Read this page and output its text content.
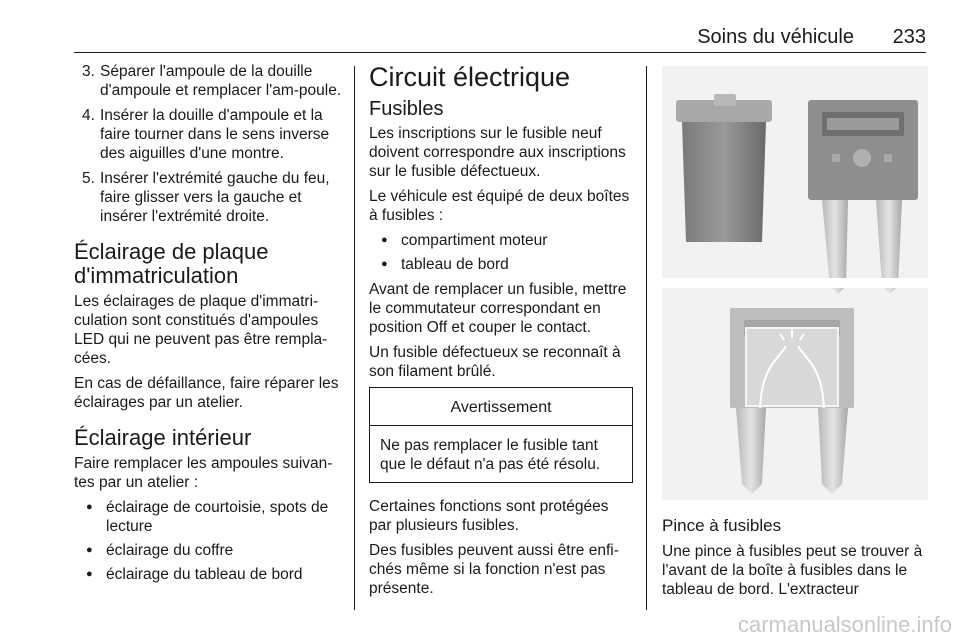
Soins du véhicule 233
3. Séparer l'ampoule de la douille d'ampoule et remplacer l'am-poule.
4. Insérer la douille d'ampoule et la faire tourner dans le sens inverse des aiguilles d'une montre.
5. Insérer l'extrémité gauche du feu, faire glisser vers la gauche et insérer l'extrémité droite.
Éclairage de plaque d'immatriculation

Les éclairages de plaque d'immatri-culation sont constitués d'ampoules LED qui ne peuvent pas être rempla-cées.

En cas de défaillance, faire réparer les éclairages par un atelier.

Éclairage intérieur

Faire remplacer les ampoules suivan-tes par un atelier :

● éclairage de courtoisie, spots de lecture
● éclairage du coffre
● éclairage du tableau de bord
Circuit électrique
Fusibles

Les inscriptions sur le fusible neuf doivent correspondre aux inscriptions sur le fusible défectueux.

Le véhicule est équipé de deux boîtes à fusibles :

● compartiment moteur
● tableau de bord

Avant de remplacer un fusible, mettre le commutateur correspondant en position Off et couper le contact.

Un fusible défectueux se reconnaît à son filament brûlé.

Avertissement
Ne pas remplacer le fusible tant que le défaut n'a pas été résolu.

Certaines fonctions sont protégées par plusieurs fusibles.

Des fusibles peuvent aussi être enfi-chés même si la fonction n'est pas présente.

Pince à fusibles

Une pince à fusibles peut se trouver à l'avant de la boîte à fusibles dans le tableau de bord. L'extracteur

carmanualsonline.info
